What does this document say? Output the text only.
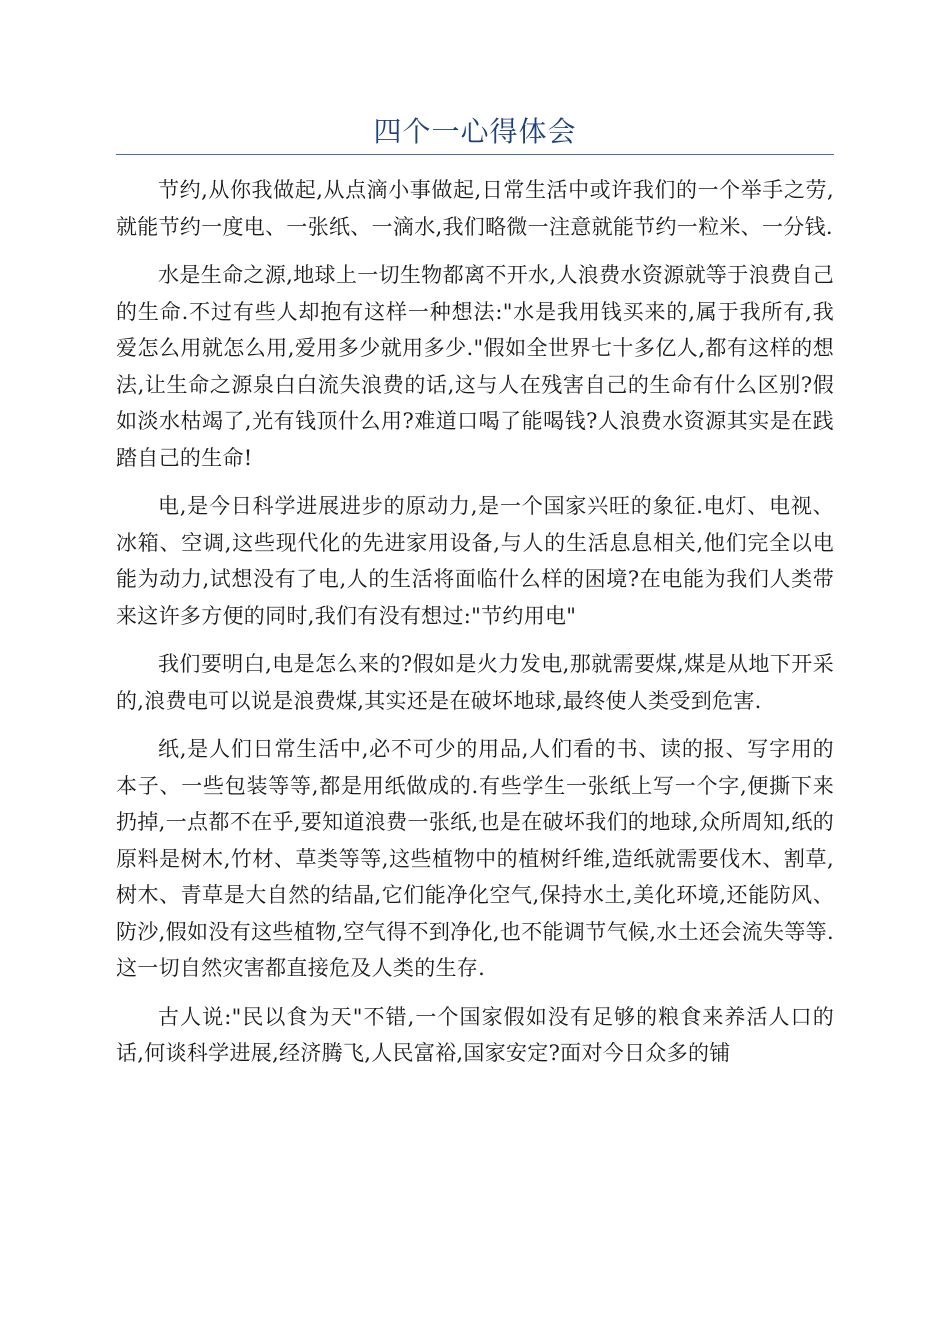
四个一心得体会

节约,从你我做起,从点滴小事做起,日常生活中或许我们的一个举手之劳,就能节约一度电、一张纸、一滴水,我们略微一注意就能节约一粒米、一分钱.

水是生命之源,地球上一切生物都离不开水,人浪费水资源就等于浪费自己的生命.不过有些人却抱有这样一种想法:"水是我用钱买来的,属于我所有,我爱怎么用就怎么用,爱用多少就用多少."假如全世界七十多亿人,都有这样的想法,让生命之源泉白白流失浪费的话,这与人在残害自己的生命有什么区别?假如淡水枯竭了,光有钱顶什么用?难道口喝了能喝钱?人浪费水资源其实是在践踏自己的生命!

电,是今日科学进展进步的原动力,是一个国家兴旺的象征.电灯、电视、冰箱、空调,这些现代化的先进家用设备,与人的生活息息相关,他们完全以电能为动力,试想没有了电,人的生活将面临什么样的困境?在电能为我们人类带来这许多方便的同时,我们有没有想过:"节约用电"

我们要明白,电是怎么来的?假如是火力发电,那就需要煤,煤是从地下开采的,浪费电可以说是浪费煤,其实还是在破坏地球,最终使人类受到危害.

纸,是人们日常生活中,必不可少的用品,人们看的书、读的报、写字用的本子、一些包装等等,都是用纸做成的.有些学生一张纸上写一个字,便撕下来扔掉,一点都不在乎,要知道浪费一张纸,也是在破坏我们的地球,众所周知,纸的原料是树木,竹材、草类等等,这些植物中的植树纤维,造纸就需要伐木、割草,树木、青草是大自然的结晶,它们能净化空气,保持水土,美化环境,还能防风、防沙,假如没有这些植物,空气得不到净化,也不能调节气候,水土还会流失等等.这一切自然灾害都直接危及人类的生存.

古人说:"民以食为天"不错,一个国家假如没有足够的粮食来养活人口的话,何谈科学进展,经济腾飞,人民富裕,国家安定?面对今日众多的铺
